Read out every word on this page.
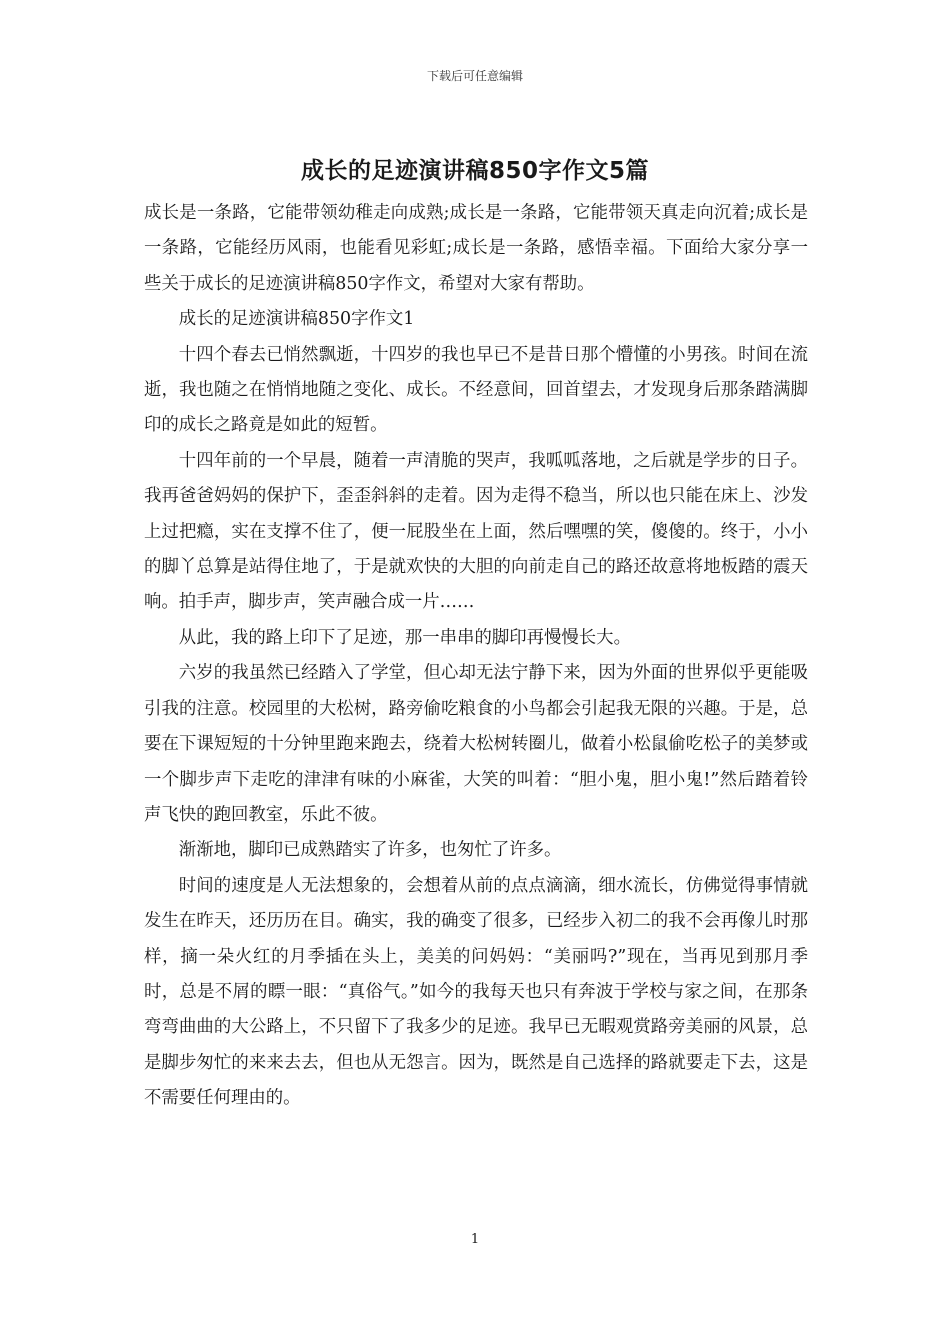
下载后可任意编辑
成长的足迹演讲稿850字作文5篇

成长是一条路，它能带领幼稚走向成熟;成长是一条路，它能带领天真走向沉着;成长是一条路，它能经历风雨，也能看见彩虹;成长是一条路，感悟幸福。下面给大家分享一些关于成长的足迹演讲稿850字作文，希望对大家有帮助。

成长的足迹演讲稿850字作文1

十四个春去已悄然飘逝，十四岁的我也早已不是昔日那个懵懂的小男孩。时间在流逝，我也随之在悄悄地随之变化、成长。不经意间，回首望去，才发现身后那条踏满脚印的成长之路竟是如此的短暂。

十四年前的一个早晨，随着一声清脆的哭声，我呱呱落地，之后就是学步的日子。我再爸爸妈妈的保护下，歪歪斜斜的走着。因为走得不稳当，所以也只能在床上、沙发上过把瘾，实在支撑不住了，便一屁股坐在上面，然后嘿嘿的笑，傻傻的。终于，小小的脚丫总算是站得住地了，于是就欢快的大胆的向前走自己的路还故意将地板踏的震天响。拍手声，脚步声，笑声融合成一片……

从此，我的路上印下了足迹，那一串串的脚印再慢慢长大。

六岁的我虽然已经踏入了学堂，但心却无法宁静下来，因为外面的世界似乎更能吸引我的注意。校园里的大松树，路旁偷吃粮食的小鸟都会引起我无限的兴趣。于是，总要在下课短短的十分钟里跑来跑去，绕着大松树转圈儿，做着小松鼠偷吃松子的美梦或一个脚步声下走吃的津津有味的小麻雀，大笑的叫着：“胆小鬼，胆小鬼!”然后踏着铃声飞快的跑回教室，乐此不彼。

渐渐地，脚印已成熟踏实了许多，也匆忙了许多。

时间的速度是人无法想象的，会想着从前的点点滴滴，细水流长，仿佛觉得事情就发生在昨天，还历历在目。确实，我的确变了很多，已经步入初二的我不会再像儿时那样，摘一朵火红的月季插在头上，美美的问妈妈：“美丽吗?”现在，当再见到那月季时，总是不屑的瞟一眼：“真俗气。”如今的我每天也只有奔波于学校与家之间，在那条弯弯曲曲的大公路上，不只留下了我多少的足迹。我早已无暇观赏路旁美丽的风景，总是脚步匆忙的来来去去，但也从无怨言。因为，既然是自己选择的路就要走下去，这是不需要任何理由的。

1
